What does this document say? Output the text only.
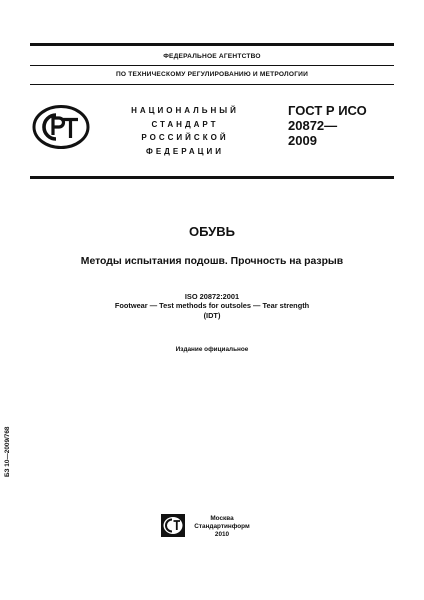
ФЕДЕРАЛЬНОЕ АГЕНТСТВО
ПО ТЕХНИЧЕСКОМУ РЕГУЛИРОВАНИЮ И МЕТРОЛОГИИ
НАЦИОНАЛЬНЫЙ
СТАНДАРТ
РОССИЙСКОЙ
ФЕДЕРАЦИИ
ГОСТ Р ИСО
20872—
2009
ОБУВЬ
Методы испытания подошв. Прочность на разрыв
ISO 20872:2001
Footwear — Test methods for outsoles — Tear strength
(IDT)
Издание официальное
БЗ 10—2009/768
Москва
Стандартинформ
2010
